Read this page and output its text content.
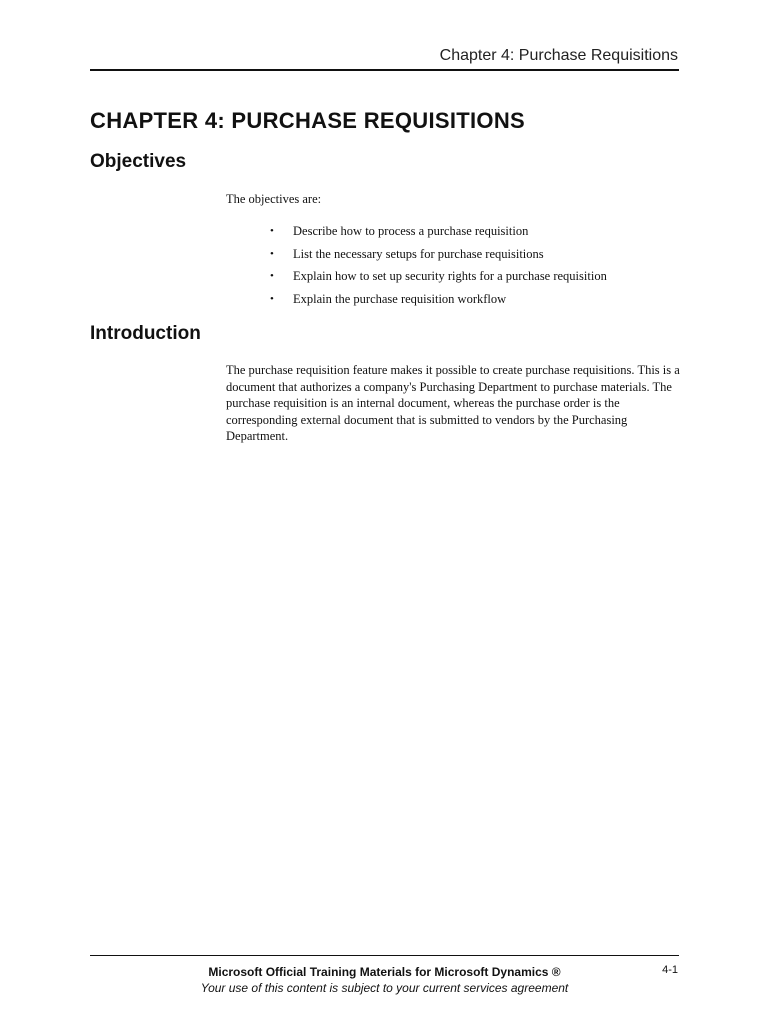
Chapter 4: Purchase Requisitions
CHAPTER 4: PURCHASE REQUISITIONS
Objectives

The objectives are:

• Describe how to process a purchase requisition
• List the necessary setups for purchase requisitions
• Explain how to set up security rights for a purchase requisition
• Explain the purchase requisition workflow
Introduction

The purchase requisition feature makes it possible to create purchase requisitions. This is a document that authorizes a company's Purchasing Department to purchase materials. The purchase requisition is an internal document, whereas the purchase order is the corresponding external document that is submitted to vendors by the Purchasing Department.

Microsoft Official Training Materials for Microsoft Dynamics ®
Your use of this content is subject to your current services agreement
4-1
